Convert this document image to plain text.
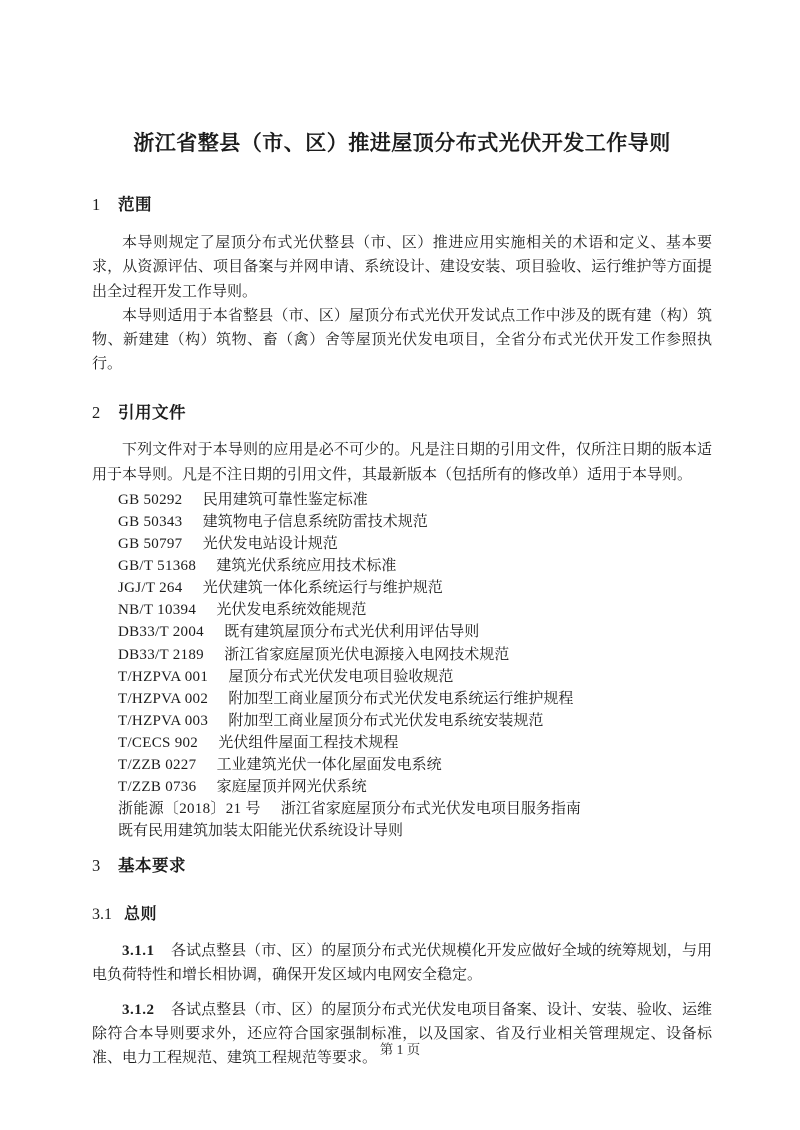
浙江省整县（市、区）推进屋顶分布式光伏开发工作导则
1 范围

本导则规定了屋顶分布式光伏整县（市、区）推进应用实施相关的术语和定义、基本要求，从资源评估、项目备案与并网申请、系统设计、建设安装、项目验收、运行维护等方面提出全过程开发工作导则。

本导则适用于本省整县（市、区）屋顶分布式光伏开发试点工作中涉及的既有建（构）筑物、新建建（构）筑物、畜（禽）舍等屋顶光伏发电项目，全省分布式光伏开发工作参照执行。

2 引用文件

下列文件对于本导则的应用是必不可少的。凡是注日期的引用文件，仅所注日期的版本适用于本导则。凡是不注日期的引用文件，其最新版本（包括所有的修改单）适用于本导则。

GB 50292 民用建筑可靠性鉴定标准
GB 50343 建筑物电子信息系统防雷技术规范
GB 50797 光伏发电站设计规范
GB/T 51368 建筑光伏系统应用技术标准
JGJ/T 264 光伏建筑一体化系统运行与维护规范
NB/T 10394 光伏发电系统效能规范
DB33/T 2004 既有建筑屋顶分布式光伏利用评估导则
DB33/T 2189 浙江省家庭屋顶光伏电源接入电网技术规范
T/HZPVA 001 屋顶分布式光伏发电项目验收规范
T/HZPVA 002 附加型工商业屋顶分布式光伏发电系统运行维护规程
T/HZPVA 003 附加型工商业屋顶分布式光伏发电系统安装规范
T/CECS 902 光伏组件屋面工程技术规程
T/ZZB 0227 工业建筑光伏一体化屋面发电系统
T/ZZB 0736 家庭屋顶并网光伏系统
浙能源〔2018〕21 号 浙江省家庭屋顶分布式光伏发电项目服务指南
既有民用建筑加装太阳能光伏系统设计导则
3 基本要求
3.1 总则

3.1.1 各试点整县（市、区）的屋顶分布式光伏规模化开发应做好全域的统筹规划，与用电负荷特性和增长相协调，确保开发区域内电网安全稳定。

3.1.2 各试点整县（市、区）的屋顶分布式光伏发电项目备案、设计、安装、验收、运维除符合本导则要求外，还应符合国家强制标准，以及国家、省及行业相关管理规定、设备标准、电力工程规范、建筑工程规范等要求。

第 1 页
